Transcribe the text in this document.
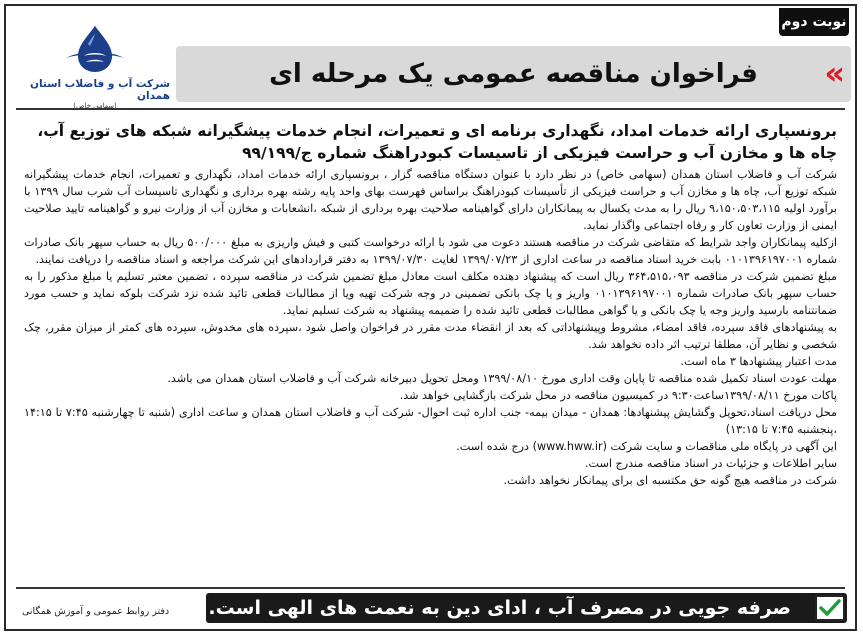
نوبت دوم
شرکت آب و فاضلاب استان همدان
(سهامی خاص)
فراخوان مناقصه عمومی یک مرحله ای «
برونسپاری ارائه خدمات امداد، نگهداری برنامه ای و تعمیرات، انجام خدمات پیشگیرانه شبکه های توزیع آب، چاه ها و مخازن آب و حراست فیزیکی از تاسیسات کبودراهنگ شماره ج/۹۹/۱۹۹

شرکت آب و فاضلاب استان همدان (سهامی خاص) در نظر دارد با عنوان دستگاه مناقصه گزار ، برونسپاری ارائه خدمات امداد، نگهداری و تعمیرات، انجام خدمات پیشگیرانه شبکه توزیع آب، چاه ها و مخازن آب و حراست فیزیکی از تأسیسات کبودراهنگ براساس فهرست بهای واحد پایه رشته بهره برداری و نگهداری تاسیسات آب شرب سال ۱۳۹۹ با برآورد اولیه ۹،۱۵۰،۵۰۳،۱۱۵ ریال را به مدت یکسال به پیمانکاران دارای گواهینامه صلاحیت بهره برداری از شبکه ،انشعابات و مخازن آب از وزارت نیرو و گواهینامه تایید صلاحیت ایمنی از وزارت تعاون کار و رفاه اجتماعی واگذار نماید.

ازکلیه پیمانکاران واجد شرایط که متقاضی شرکت در مناقصه هستند دعوت می شود با ارائه درخواست کتبی و فیش واریزی به مبلغ ۵۰۰/۰۰۰ ریال به حساب سپهر بانک صادرات شماره ۰۱۰۱۳۹۶۱۹۷۰۰۱ بابت خرید اسناد مناقصه در ساعت اداری از ۱۳۹۹/۰۷/۲۳ لغایت ۱۳۹۹/۰۷/۳۰ به دفتر قراردادهای این شرکت مراجعه و اسناد مناقصه را دریافت نمایند.

مبلغ تضمین شرکت در مناقصه ۳۶۴،۵۱۵،۰۹۳ ریال است که پیشنهاد دهنده مکلف است معادل مبلغ تضمین شرکت در مناقصه سپرده ، تضمین معتبر تسلیم یا مبلغ مذکور را به حساب سپهر بانک صادرات شماره ۰۱۰۱۳۹۶۱۹۷۰۰۱ واریز و یا چک بانکی تضمینی در وجه شرکت تهیه ویا از مطالبات قطعی تائید شده نزد شرکت بلوکه نماید و حسب مورد ضمانتنامه بارسید واریز وجه یا چک بانکی و یا گواهی مطالبات قطعی تائید شده را ضمیمه پیشنهاد به شرکت تسلیم نماید.

به پیشنهادهای فاقد سپرده، فاقد امضاء، مشروط وپیشنهاداتی که بعد از انقضاء مدت مقرر در فراخوان واصل شود ،سپرده های مخدوش، سپرده های کمتر از میزان مقرر، چک شخصی و نظایر آن، مطلقا ترتیب اثر داده نخواهد شد.

مدت اعتبار پیشنهادها ۳ ماه است.

مهلت عودت اسناد تکمیل شده مناقصه تا پایان وقت اداری مورخ ۱۳۹۹/۰۸/۱۰ ومحل تحویل دبیرخانه شرکت آب و فاضلاب استان همدان می باشد.

پاکات مورخ ۱۳۹۹/۰۸/۱۱ساعت۹:۳۰ در کمیسیون مناقصه در محل شرکت بازگشایی خواهد شد.

محل دریافت اسناد،تحویل وگشایش پیشنهادها: همدان - میدان بیمه- جنب اداره ثبت احوال- شرکت آب و فاضلاب استان همدان و ساعت اداری (شنبه تا چهارشنبه ۷:۴۵ تا ۱۴:۱۵ ،پنجشنبه ۷:۴۵ تا ۱۳:۱۵)

این آگهی در پایگاه ملی مناقصات و سایت شرکت (www.hww.ir) درج شده است.

سایر اطلاعات و جزئیات در اسناد مناقصه مندرج است.

شرکت در مناقصه هیچ گونه حق مکتسبه ای برای پیمانکار نخواهد داشت.

دفتر روابط عمومی و آموزش همگانی صرفه جویی در مصرف آب ، ادای دین به نعمت های الهی است.
